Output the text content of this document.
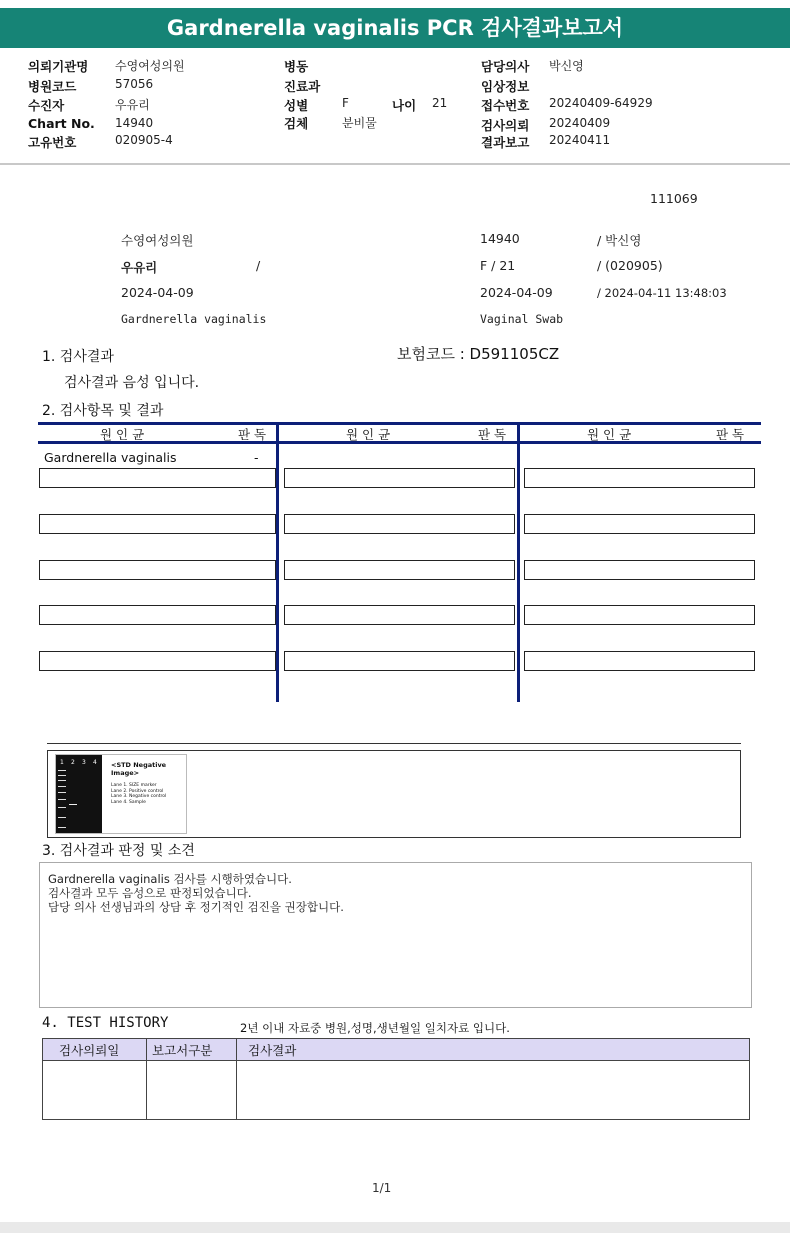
Gardnerella vaginalis PCR 검사결과보고서
의뢰기관명 수영여성의원
병원코드	57056
수진자	우유리
Chart No. 14940
고유번호	020905-4
병동
진료과
성별	F	나이 21
검체	분비물
담당의사 박신영
임상정보
접수번호 20240409-64929
검사의뢰 20240409
결과보고 20240411
111069
수영여성의원	14940	/ 박신영
우유리	/	F / 21	/ (020905)
2024-04-09	2024-04-09	/ 2024-04-11 13:48:03
Gardnerella vaginalis	Vaginal Swab
1. 검사결과	보험코드 : D591105CZ
검사결과 음성 입니다.
2. 검사항목 및 결과
원 인 균	판 독	원 인 균	판 독	원 인 균	판 독
Gardnerella vaginalis	-
1 2 3 4 <STD Negative Image>
Lane 1. SIZE marker
Lane 2. Positive control
Lane 3. Negative control
Lane 4. Sample
3. 검사결과 판정 및 소견
Gardnerella vaginalis 검사를 시행하였습니다.
검사결과 모두 음성으로 판정되었습니다.
담당 의사 선생님과의 상담 후 정기적인 검진을 권장합니다.
4. TEST HISTORY	2년 이내 자료중 병원,성명,생년월일 일치자료 입니다.
검사의뢰일	보고서구분	검사결과
1/1
